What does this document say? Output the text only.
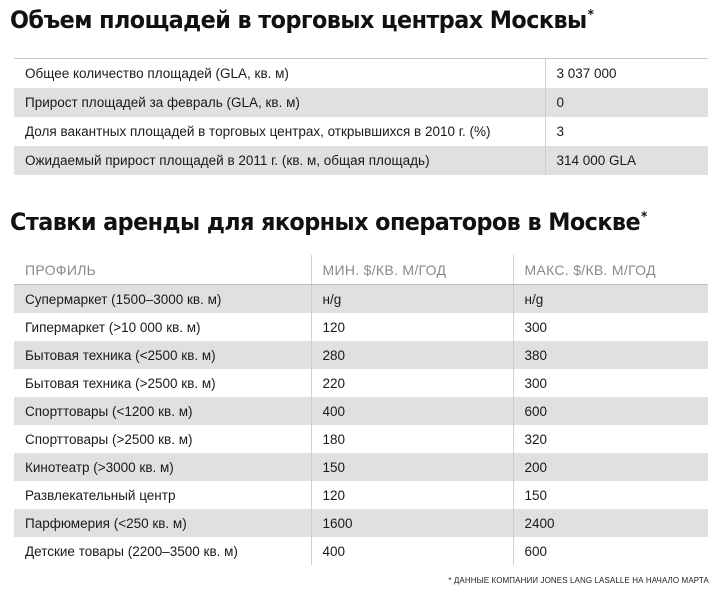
Объем площадей в торговых центрах Москвы*
Общее количество площадей (GLA, кв. м)	3 037 000
Прирост площадей за февраль (GLA, кв. м)	0
Доля вакантных площадей в торговых центрах, открывшихся в 2010 г. (%)	3
Ожидаемый прирост площадей в 2011 г. (кв. м, общая площадь)	314 000 GLA
Ставки аренды для якорных операторов в Москве*
ПРОФИЛЬ	МИН. $/КВ. М/ГОД	МАКС. $/КВ. М/ГОД
Супермаркет (1500–3000 кв. м)	н/g	н/g
Гипермаркет (>10 000 кв. м)	120	300
Бытовая техника (<2500 кв. м)	280	380
Бытовая техника (>2500 кв. м)	220	300
Спорттовары (<1200 кв. м)	400	600
Спорттовары (>2500 кв. м)	180	320
Кинотеатр (>3000 кв. м)	150	200
Развлекательный центр	120	150
Парфюмерия (<250 кв. м)	1600	2400
Детские товары (2200–3500 кв. м)	400	600

* ДАННЫЕ КОМПАНИИ JONES LANG LASALLE НА НАЧАЛО МАРТА
